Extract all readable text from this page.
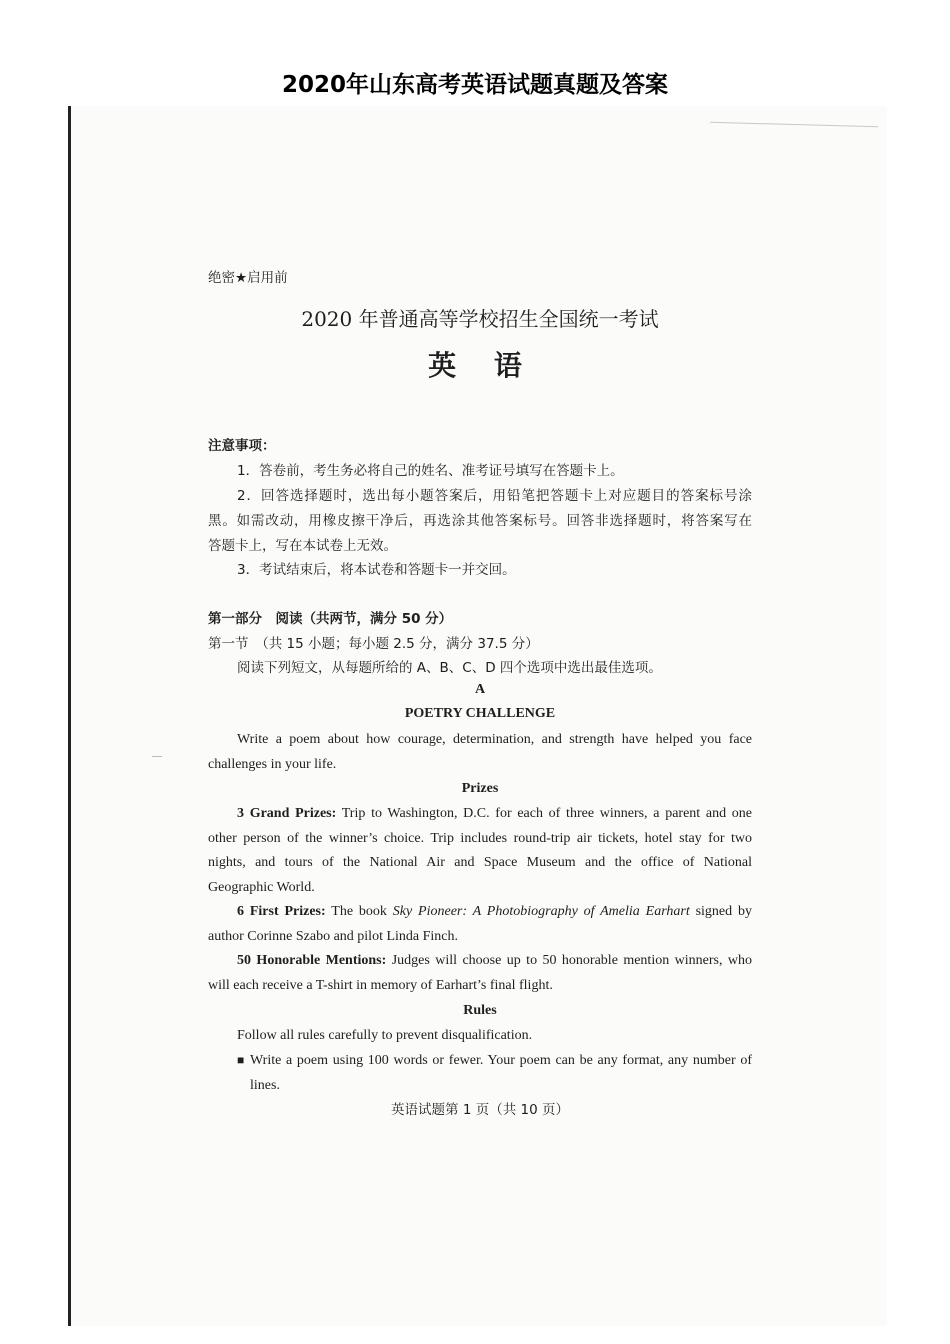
2020年山东高考英语试题真题及答案
绝密★启用前
2020 年普通高等学校招生全国统一考试
英　 语
注意事项：
1．答卷前，考生务必将自己的姓名、准考证号填写在答题卡上。
2．回答选择题时，选出每小题答案后，用铅笔把答题卡上对应题目的答案标号涂
黑。如需改动，用橡皮擦干净后，再选涂其他答案标号。回答非选择题时，将答案写在
答题卡上，写在本试卷上无效。
3．考试结束后，将本试卷和答题卡一并交回。
第一部分　阅读（共两节，满分 50 分）
第一节　（共 15 小题；每小题 2.5 分，满分 37.5 分）
阅读下列短文，从每题所给的 A、B、C、D 四个选项中选出最佳选项。
A
POETRY CHALLENGE
Write a poem about how courage, determination, and strength have helped you face
challenges in your life.
Prizes
3 Grand Prizes: Trip to Washington, D.C. for each of three winners, a parent and one
other person of the winner’s choice. Trip includes round-trip air tickets, hotel stay for two
nights, and tours of the National Air and Space Museum and the office of National
Geographic World.
6 First Prizes: The book Sky Pioneer: A Photobiography of Amelia Earhart signed by
author Corinne Szabo and pilot Linda Finch.
50 Honorable Mentions: Judges will choose up to 50 honorable mention winners, who
will each receive a T-shirt in memory of Earhart’s final flight.
Rules
Follow all rules carefully to prevent disqualification.
■ Write a poem using 100 words or fewer. Your poem can be any format, any number of
lines.
英语试题第 1 页（共 10 页）
